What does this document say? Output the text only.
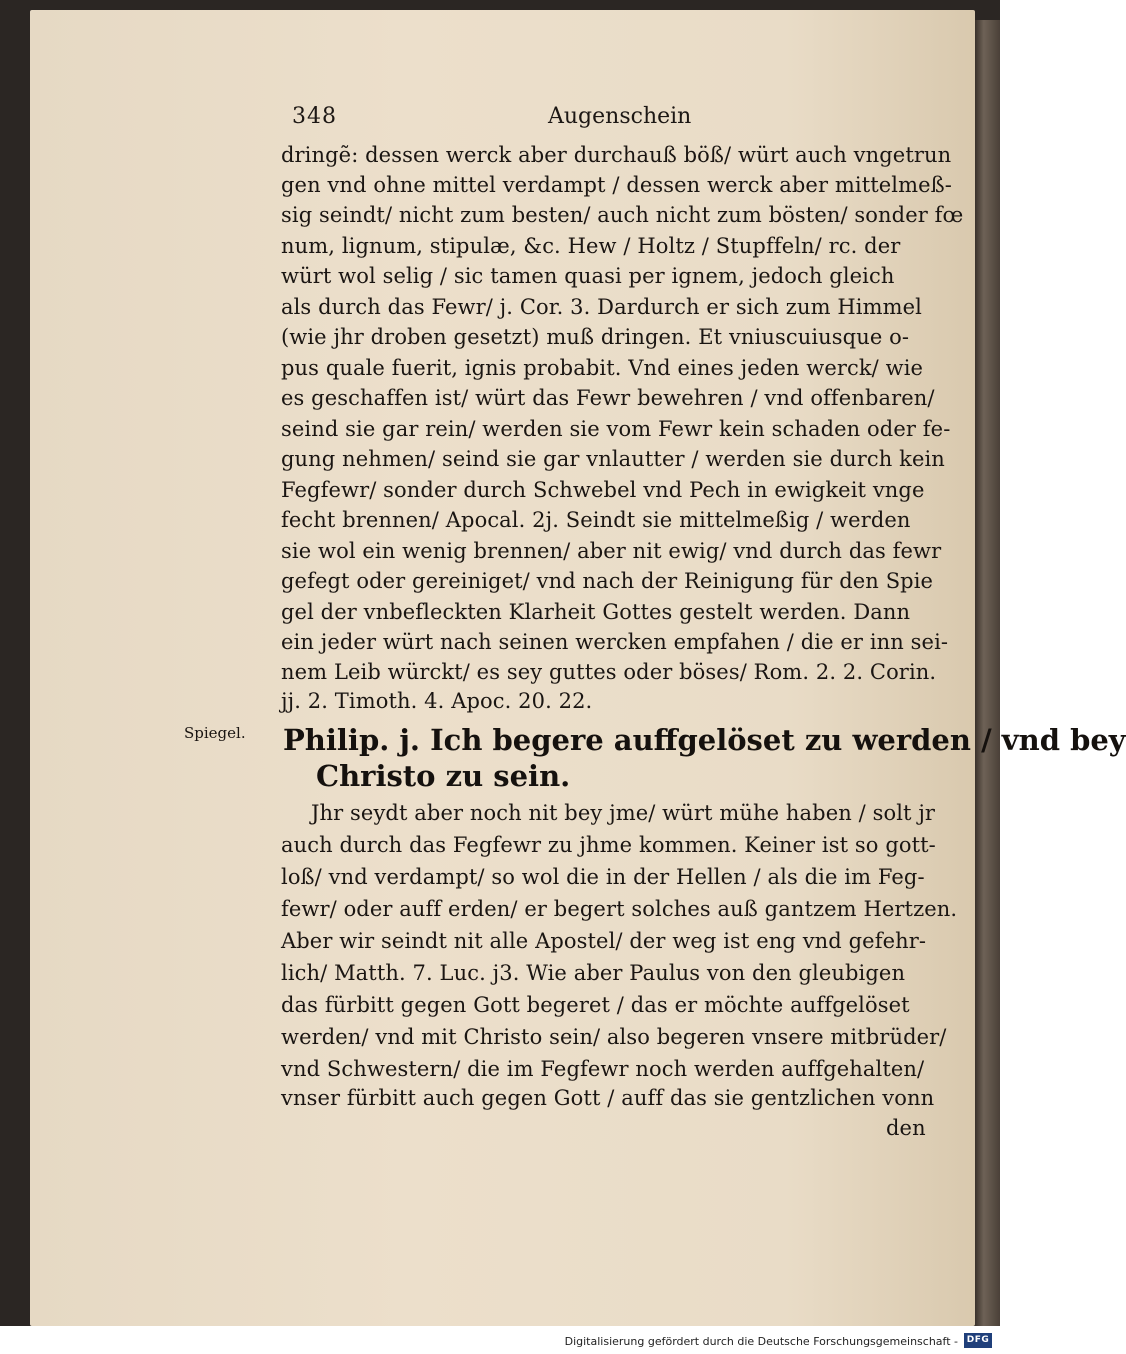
348	Augenschein
dringẽ: dessen werck aber durchauß böß/ würt auch vngetrun
gen vnd ohne mittel verdampt / dessen werck aber mittelmeß-
sig seindt/ nicht zum besten/ auch nicht zum bösten/ sonder fœ
num, lignum, stipulæ, &c. Hew / Holtz / Stupffeln/ rc. der
würt wol selig / sic tamen quasi per ignem, jedoch gleich
als durch das Fewr/ j. Cor. 3. Dardurch er sich zum Himmel
(wie jhr droben gesetzt) muß dringen. Et vniuscuiusque o-
pus quale fuerit, ignis probabit. Vnd eines jeden werck/ wie
es geschaffen ist/ würt das Fewr bewehren / vnd offenbaren/
seind sie gar rein/ werden sie vom Fewr kein schaden oder fe-
gung nehmen/ seind sie gar vnlautter / werden sie durch kein
Fegfewr/ sonder durch Schwebel vnd Pech in ewigkeit vnge
fecht brennen/ Apocal. 2j. Seindt sie mittelmeßig / werden
sie wol ein wenig brennen/ aber nit ewig/ vnd durch das fewr
gefegt oder gereiniget/ vnd nach der Reinigung für den Spie
gel der vnbefleckten Klarheit Gottes gestelt werden. Dann
ein jeder würt nach seinen wercken empfahen / die er inn sei-
nem Leib würckt/ es sey guttes oder böses/ Rom. 2. 2. Corin.
jj. 2. Timoth. 4. Apoc. 20. 22.
Spiegel. Philip. j. Ich begere auffgelöset zu werden / vnd bey
Christo zu sein.
Jhr seydt aber noch nit bey jme/ würt mühe haben / solt jr
auch durch das Fegfewr zu jhme kommen. Keiner ist so gott-
loß/ vnd verdampt/ so wol die in der Hellen / als die im Feg-
fewr/ oder auff erden/ er begert solches auß gantzem Hertzen.
Aber wir seindt nit alle Apostel/ der weg ist eng vnd gefehr-
lich/ Matth. 7. Luc. j3. Wie aber Paulus von den gleubigen
das fürbitt gegen Gott begeret / das er möchte auffgelöset
werden/ vnd mit Christo sein/ also begeren vnsere mitbrüder/
vnd Schwestern/ die im Fegfewr noch werden auffgehalten/
vnser fürbitt auch gegen Gott / auff das sie gentzlichen vonn
den
Digitalisierung gefördert durch die Deutsche Forschungsgemeinschaft - DFG
